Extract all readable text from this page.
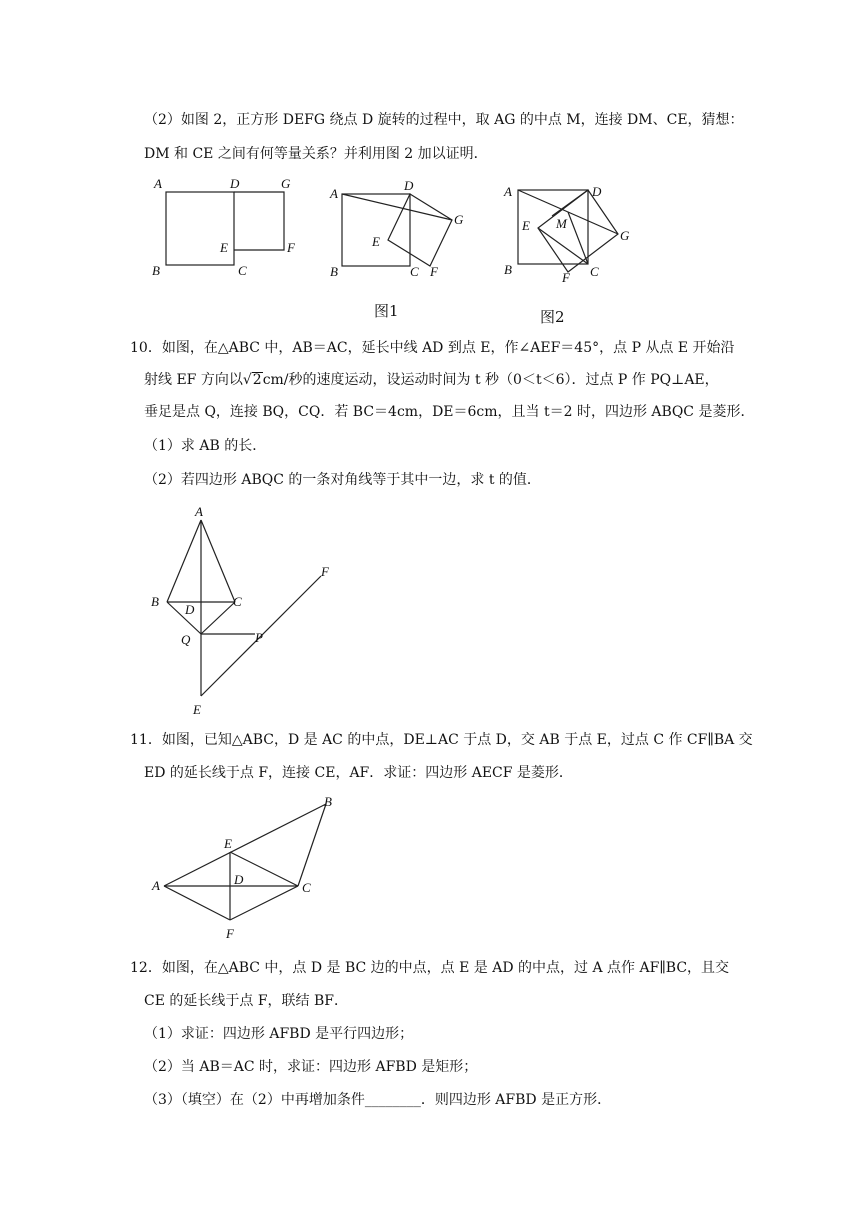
（2）如图 2，正方形 DEFG 绕点 D 旋转的过程中，取 AG 的中点 M，连接 DM、CE，猜想：
DM 和 CE 之间有何等量关系？并利用图 2 加以证明．
A	D	G
E	F
B	C
A
D
G
E
B	C F
A	D
E M
G
B
F C
图1	图2
10．如图，在△ABC 中，AB＝AC，延长中线 AD 到点 E，作∠AEF＝45°，点 P 从点 E 开始沿
射线 EF 方向以√2cm/秒的速度运动，设运动时间为 t 秒（0＜t＜6）．过点 P 作 PQ⊥AE，
垂足是点 Q，连接 BQ，CQ．若 BC＝4cm，DE＝6cm，且当 t＝2 时，四边形 ABQC 是菱形．
（1）求 AB 的长．
（2）若四边形 ABQC 的一条对角线等于其中一边，求 t 的值．
A
F
B	C
D
Q	P
E
11．如图，已知△ABC，D 是 AC 的中点，DE⊥AC 于点 D，交 AB 于点 E，过点 C 作 CF∥BA 交
ED 的延长线于点 F，连接 CE，AF．求证：四边形 AECF 是菱形．
B
E
D
A	C
F
12．如图，在△ABC 中，点 D 是 BC 边的中点，点 E 是 AD 的中点，过 A 点作 AF∥BC，且交
CE 的延长线于点 F，联结 BF．
（1）求证：四边形 AFBD 是平行四边形；
（2）当 AB＝AC 时，求证：四边形 AFBD 是矩形；
（3）（填空）在（2）中再增加条件________．则四边形 AFBD 是正方形．
